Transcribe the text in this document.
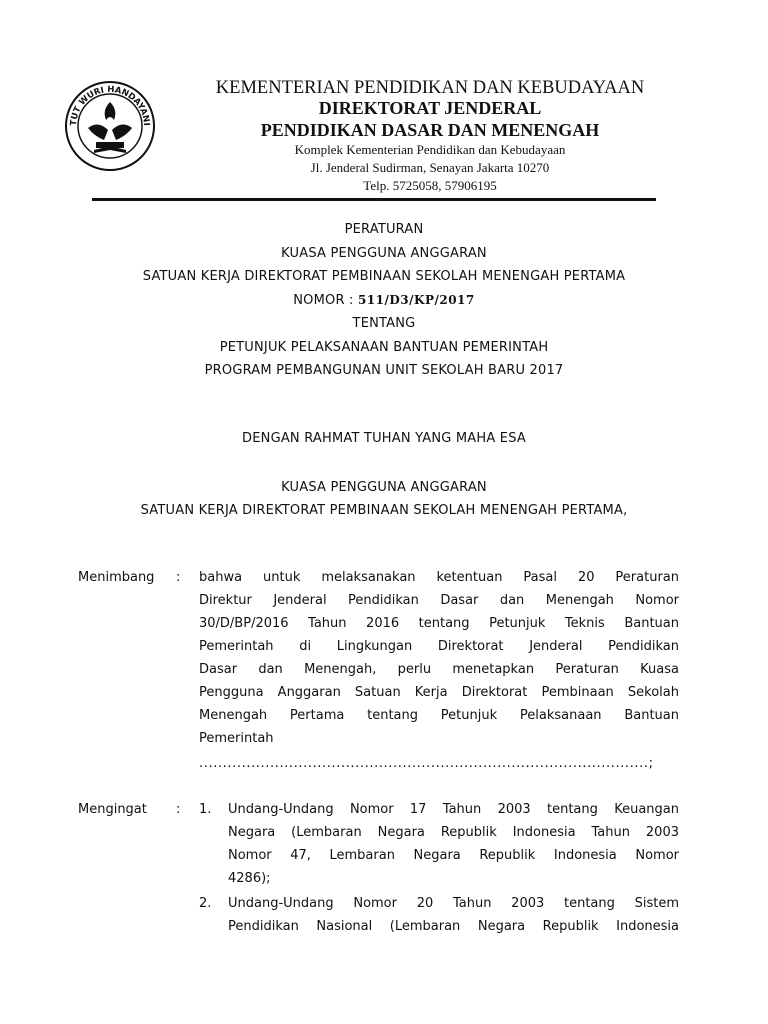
TUT WURI HANDAYANI
KEMENTERIAN PENDIDIKAN DAN KEBUDAYAAN
DIREKTORAT JENDERAL
PENDIDIKAN DASAR DAN MENENGAH
Komplek Kementerian Pendidikan dan Kebudayaan
Jl. Jenderal Sudirman, Senayan Jakarta 10270
Telp. 5725058, 57906195
PERATURAN
KUASA PENGGUNA ANGGARAN
SATUAN KERJA DIREKTORAT PEMBINAAN SEKOLAH MENENGAH PERTAMA
NOMOR : 511/D3/KP/2017
TENTANG
PETUNJUK PELAKSANAAN BANTUAN PEMERINTAH
PROGRAM PEMBANGUNAN UNIT SEKOLAH BARU 2017
DENGAN RAHMAT TUHAN YANG MAHA ESA
KUASA PENGGUNA ANGGARAN
SATUAN KERJA DIREKTORAT PEMBINAAN SEKOLAH MENENGAH PERTAMA,
Menimbang : bahwa untuk melaksanakan ketentuan Pasal 20 Peraturan
Direktur Jenderal Pendidikan Dasar dan Menengah Nomor
30/D/BP/2016 Tahun 2016 tentang Petunjuk Teknis Bantuan
Pemerintah di Lingkungan Direktorat Jenderal Pendidikan
Dasar dan Menengah, perlu menetapkan Peraturan Kuasa
Pengguna Anggaran Satuan Kerja Direktorat Pembinaan Sekolah
Menengah Pertama tentang Petunjuk Pelaksanaan Bantuan
Pemerintah
...............................................................................................;
Mengingat : 1. Undang-Undang Nomor 17 Tahun 2003 tentang Keuangan
Negara (Lembaran Negara Republik Indonesia Tahun 2003
Nomor 47, Lembaran Negara Republik Indonesia Nomor
4286);
2. Undang-Undang Nomor 20 Tahun 2003 tentang Sistem
Pendidikan Nasional (Lembaran Negara Republik Indonesia
